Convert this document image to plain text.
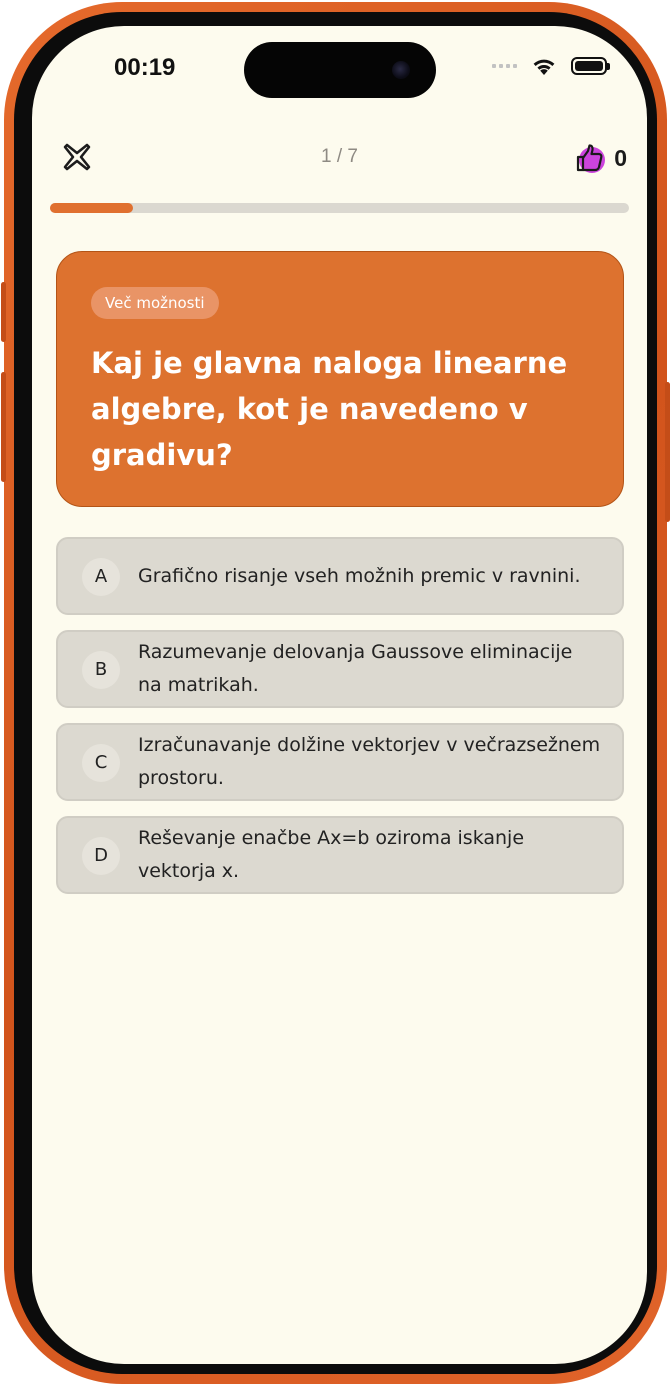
00:19
1 / 7	0
Več možnosti

Kaj je glavna naloga linearne algebre, kot je navedeno v gradivu?

A	Grafično risanje vseh možnih premic v ravnini.
B
Razumevanje delovanja Gaussove eliminacije na matrikah.
C
Izračunavanje dolžine vektorjev v večrazsežnem prostoru.
D
Reševanje enačbe Ax=b oziroma iskanje vektorja x.
